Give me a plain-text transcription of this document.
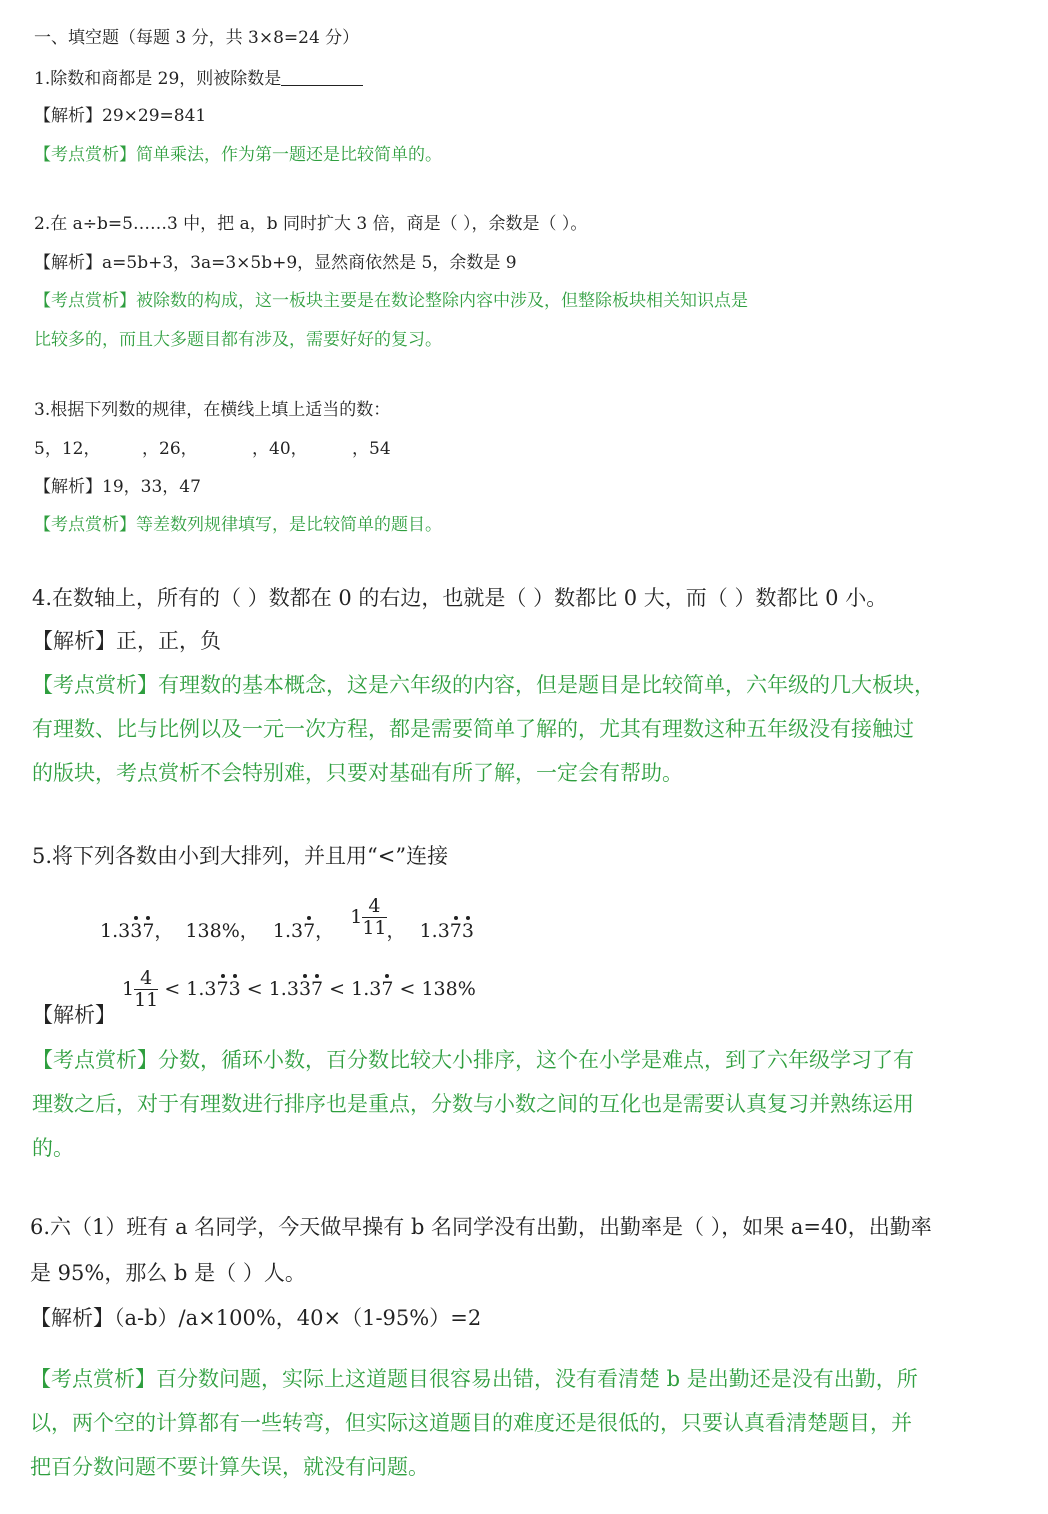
一、填空题（每题 3 分，共 3×8=24 分）
1.除数和商都是 29，则被除数是
【解析】29×29=841
【考点赏析】简单乘法，作为第一题还是比较简单的。
2.在 a÷b=5……3 中，把 a，b 同时扩大 3 倍，商是（ ），余数是（ ）。
【解析】a=5b+3，3a=3×5b+9，显然商依然是 5，余数是 9
【考点赏析】被除数的构成，这一板块主要是在数论整除内容中涉及，但整除板块相关知识点是
比较多的，而且大多题目都有涉及，需要好好的复习。
3.根据下列数的规律，在横线上填上适当的数：
5，12， ，26，	，40，	，54
【解析】19，33，47
【考点赏析】等差数列规律填写，是比较简单的题目。
4.在数轴上，所有的（ ）数都在 0 的右边，也就是（ ）数都比 0 大，而（ ）数都比 0 小。
【解析】正，正，负
【考点赏析】有理数的基本概念，这是六年级的内容，但是题目是比较简单，六年级的几大板块，
有理数、比与比例以及一元一次方程，都是需要简单了解的，尤其有理数这种五年级没有接触过
的版块，考点赏析不会特别难，只要对基础有所了解，一定会有帮助。
5.将下列各数由小到大排列，并且用“<”连接
1.337， 138%， 1.37， $1 \frac{4}{11}$ ， 1.373
$1 \frac{4}{11} < 1.373 < 1.337 < 1.37 < 138\%$
【解析】
【考点赏析】分数，循环小数，百分数比较大小排序，这个在小学是难点，到了六年级学习了有
理数之后，对于有理数进行排序也是重点，分数与小数之间的互化也是需要认真复习并熟练运用
的。
6.六（1）班有 a 名同学，今天做早操有 b 名同学没有出勤，出勤率是（ ），如果 a=40，出勤率
是 95%，那么 b 是（ ）人。
【解析】（a-b）/a×100%，40×（1-95%）=2
【考点赏析】百分数问题，实际上这道题目很容易出错，没有看清楚 b 是出勤还是没有出勤，所
以，两个空的计算都有一些转弯，但实际这道题目的难度还是很低的，只要认真看清楚题目，并
把百分数问题不要计算失误，就没有问题。
